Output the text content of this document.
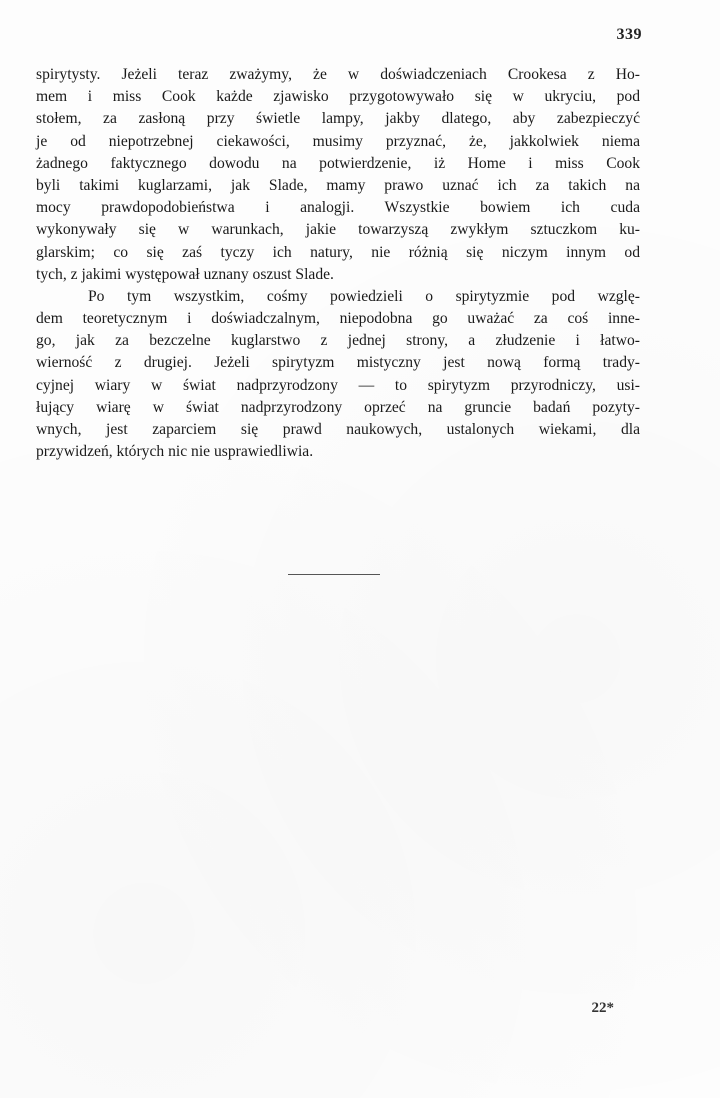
339
spirytysty. Jeżeli teraz zważymy, że w doświadczeniach Crookesa z Ho-
mem i miss Cook każde zjawisko przygotowywało się w ukryciu, pod
stołem, za zasłoną przy świetle lampy, jakby dlatego, aby zabezpieczyć
je od niepotrzebnej ciekawości, musimy przyznać, że, jakkolwiek niema
żadnego faktycznego dowodu na potwierdzenie, iż Home i miss Cook
byli takimi kuglarzami, jak Slade, mamy prawo uznać ich za takich na
mocy prawdopodobieństwa i analogji. Wszystkie bowiem ich cuda
wykonywały się w warunkach, jakie towarzyszą zwykłym sztuczkom ku-
glarskim; co się zaś tyczy ich natury, nie różnią się niczym innym od
tych, z jakimi występował uznany oszust Slade.
Po tym wszystkim, cośmy powiedzieli o spirytyzmie pod wzglę-
dem teoretycznym i doświadczalnym, niepodobna go uważać za coś inne-
go, jak za bezczelne kuglarstwo z jednej strony, a złudzenie i łatwo-
wierność z drugiej. Jeżeli spirytyzm mistyczny jest nową formą trady-
cyjnej wiary w świat nadprzyrodzony — to spirytyzm przyrodniczy, usi-
łujący wiarę w świat nadprzyrodzony oprzeć na gruncie badań pozyty-
wnych, jest zaparciem się prawd naukowych, ustalonych wiekami, dla
przywidzeń, których nic nie usprawiedliwia.
22*
